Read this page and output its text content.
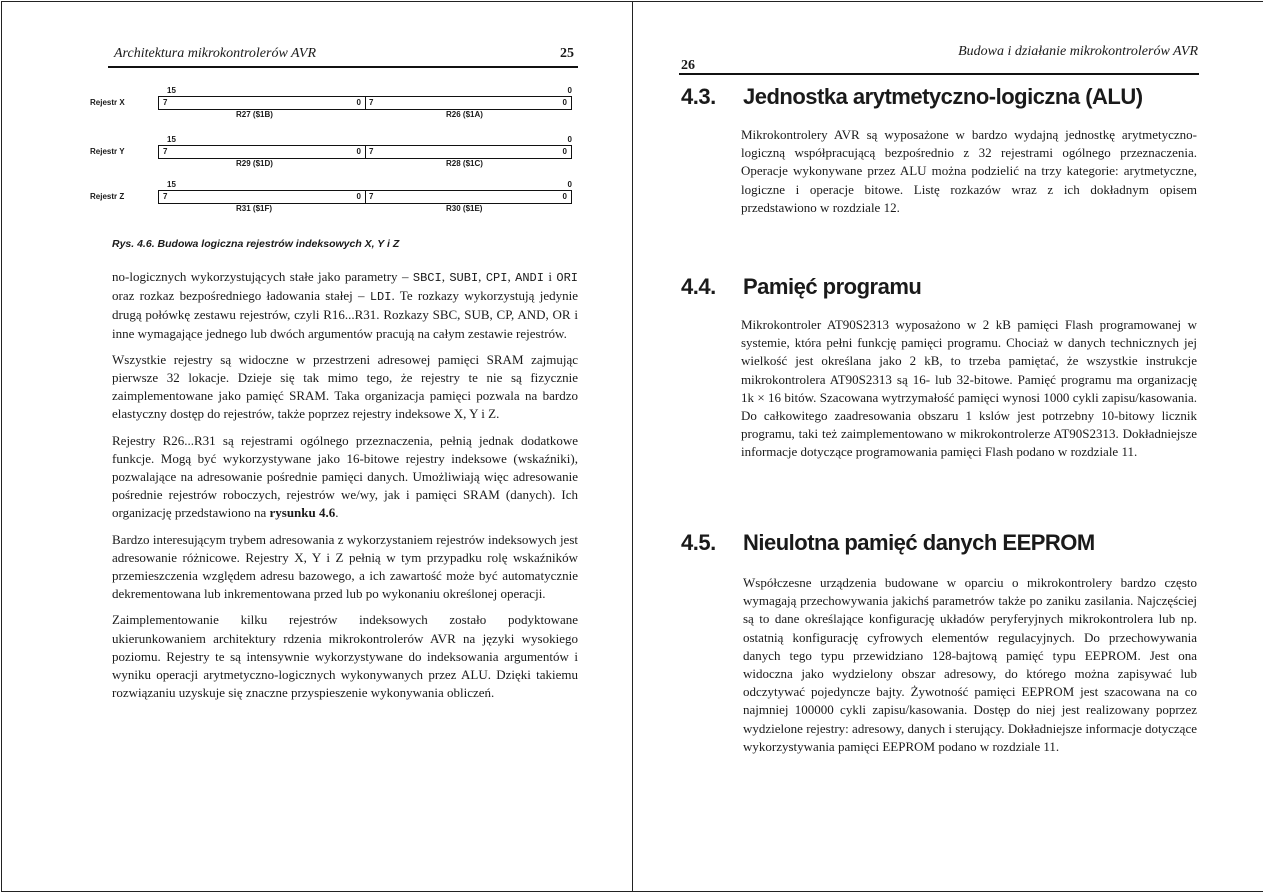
Architektura mikrokontrolerów AVR	25
15	0
Rejestr X	7	0 7	0
R27 ($1B)	R26 ($1A)
15	0
Rejestr Y	7	0 7	0
R29 ($1D)	R28 ($1C)
15	0
Rejestr Z	7	0 7	0
R31 ($1F)	R30 ($1E)
Rys. 4.6. Budowa logiczna rejestrów indeksowych X, Y i Z

no-logicznych wykorzystujących stałe jako parametry – SBCI, SUBI, CPI, ANDI i ORI oraz rozkaz bezpośredniego ładowania stałej – LDI. Te rozkazy wykorzystują jedynie drugą połówkę zestawu rejestrów, czyli R16...R31. Rozkazy SBC, SUB, CP, AND, OR i inne wymagające jednego lub dwóch argumentów pracują na całym zestawie rejestrów.

Wszystkie rejestry są widoczne w przestrzeni adresowej pamięci SRAM zajmując pierwsze 32 lokacje. Dzieje się tak mimo tego, że rejestry te nie są fizycznie zaimplementowane jako pamięć SRAM. Taka organizacja pamięci pozwala na bardzo elastyczny dostęp do rejestrów, także poprzez rejestry indeksowe X, Y i Z.

Rejestry R26...R31 są rejestrami ogólnego przeznaczenia, pełnią jednak dodatkowe funkcje. Mogą być wykorzystywane jako 16-bitowe rejestry indeksowe (wskaźniki), pozwalające na adresowanie pośrednie pamięci danych. Umożliwiają więc adresowanie pośrednie rejestrów roboczych, rejestrów we/wy, jak i pamięci SRAM (danych). Ich organizację przedstawiono na rysunku 4.6.

Bardzo interesującym trybem adresowania z wykorzystaniem rejestrów indeksowych jest adresowanie różnicowe. Rejestry X, Y i Z pełnią w tym przypadku rolę wskaźników przemieszczenia względem adresu bazowego, a ich zawartość może być automatycznie dekrementowana lub inkrementowana przed lub po wykonaniu określonej operacji.

Zaimplementowanie kilku rejestrów indeksowych zostało podyktowane ukierunkowaniem architektury rdzenia mikrokontrolerów AVR na języki wysokiego poziomu. Rejestry te są intensywnie wykorzystywane do indeksowania argumentów i wyniku operacji arytmetyczno-logicznych wykonywanych przez ALU. Dzięki takiemu rozwiązaniu uzyskuje się znaczne przyspieszenie wykonywania obliczeń.

26
Budowa i działanie mikrokontrolerów AVR
4.3. Jednostka arytmetyczno-logiczna (ALU)
Mikrokontrolery AVR są wyposażone w bardzo wydajną jednostkę arytmetyczno-logiczną współpracującą bezpośrednio z 32 rejestrami ogólnego przeznaczenia. Operacje wykonywane przez ALU można podzielić na trzy kategorie: arytmetyczne, logiczne i operacje bitowe. Listę rozkazów wraz z ich dokładnym opisem przedstawiono w rozdziale 12.
4.4. Pamięć programu
Mikrokontroler AT90S2313 wyposażono w 2 kB pamięci Flash programowanej w systemie, która pełni funkcję pamięci programu. Chociaż w danych technicznych jej wielkość jest określana jako 2 kB, to trzeba pamiętać, że wszystkie instrukcje mikrokontrolera AT90S2313 są 16- lub 32-bitowe. Pamięć programu ma organizację 1k × 16 bitów. Szacowana wytrzymałość pamięci wynosi 1000 cykli zapisu/kasowania. Do całkowitego zaadresowania obszaru 1 kslów jest potrzebny 10-bitowy licznik programu, taki też zaimplementowano w mikrokontrolerze AT90S2313. Dokładniejsze informacje dotyczące programowania pamięci Flash podano w rozdziale 11.
4.5. Nieulotna pamięć danych EEPROM
Współczesne urządzenia budowane w oparciu o mikrokontrolery bardzo często wymagają przechowywania jakichś parametrów także po zaniku zasilania. Najczęściej są to dane określające konfigurację układów peryferyjnych mikrokontrolera lub np. ostatnią konfigurację cyfrowych elementów regulacyjnych. Do przechowywania danych tego typu przewidziano 128-bajtową pamięć typu EEPROM. Jest ona widoczna jako wydzielony obszar adresowy, do którego można zapisywać lub odczytywać pojedyncze bajty. Żywotność pamięci EEPROM jest szacowana na co najmniej 100000 cykli zapisu/kasowania. Dostęp do niej jest realizowany poprzez wydzielone rejestry: adresowy, danych i sterujący. Dokładniejsze informacje dotyczące wykorzystywania pamięci EEPROM podano w rozdziale 11.
